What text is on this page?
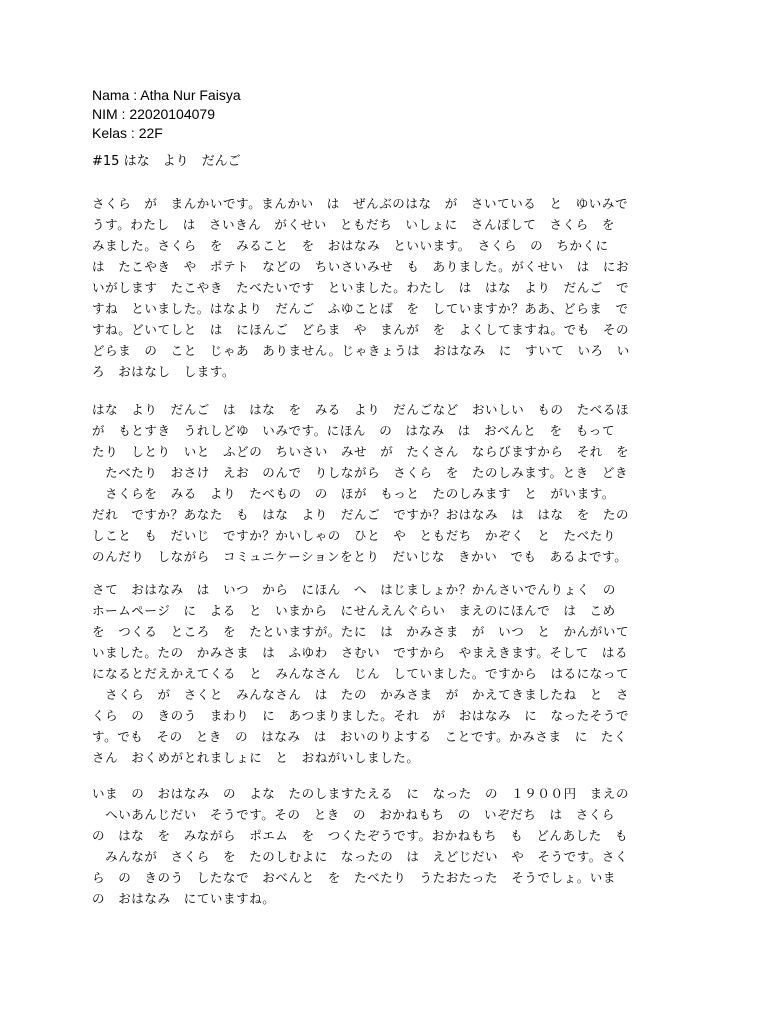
Nama : Atha Nur Faisya
NIM : 22020104079
Kelas : 22F
#15 はな　より　だんご
さくら　が　まんかいです。まんかい　は　ぜんぶのはな　が　さいている　と　ゆいみで
うす。わたし　は　さいきん　がくせい　ともだち　いしょに　さんぽして　さくら　を
みました。さくら　を　みること　を　おはなみ　といいます。　さくら　の　ちかくに
は　たこやき　や　ポテト　などの　ちいさいみせ　も　ありました。がくせい　は　にお
いがします　たこやき　たべたいです　といました。わたし　は　はな　より　だんご　で
すね　といました。はなより　だんご　ふゆことば　を　していますか？ああ、どらま　で
すね。どいてしと　は　にほんご　どらま　や　まんが　を　よくしてますね。でも　その
どらま　の　こと　じゃあ　ありません。じゃきょうは　おはなみ　に　すいて　いろ　い
ろ　おはなし　します。
はな　より　だんご　は　はな　を　みる　より　だんごなど　おいしい　もの　たべるほ
が　もとすき　うれしどゆ　いみです。にほん　の　はなみ　は　おべんと　を　もって
たり　しとり　いと　ふどの　ちいさい　みせ　が　たくさん　ならびますから　それ　を
　たべたり　おさけ　えお　のんで　りしながら　さくら　を　たのしみます。とき　どき
　さくらを　みる　より　たべもの　の　ほが　もっと　たのしみます　と　がいます。
だれ　ですか？あなた　も　はな　より　だんご　ですか？おはなみ　は　はな　を　たの
しこと　も　だいじ　ですか？かいしゃの　ひと　や　ともだち　かぞく　と　たべたり
のんだり　しながら　コミュニケーションをとり　だいじな　きかい　でも　あるよです。
さて　おはなみ　は　いつ　から　にほん　へ　はじましょか？かんさいでんりょく　の
ホームページ　に　よる　と　いまから　にせんえんぐらい　まえのにほんで　は　こめ
を　つくる　ところ　を　たといますが。たに　は　かみさま　が　いつ　と　かんがいて
いました。たの　かみさま　は　ふゆわ　さむい　ですから　やまえきます。そして　はる
になるとだえかえてくる　と　みんなさん　じん　していました。ですから　はるになって
　さくら　が　さくと　みんなさん　は　たの　かみさま　が　かえてきましたね　と　さ
くら　の　きのう　まわり　に　あつまりました。それ　が　おはなみ　に　なったそうで
す。でも　その　とき　の　はなみ　は　おいのりよする　ことです。かみさま　に　たく
さん　おくめがとれましょに　と　おねがいしました。
いま　の　おはなみ　の　よな　たのしますたえる　に　なった　の　１９００円　まえの
　へいあんじだい　そうです。その　とき　の　おかねもち　の　いぞだち　は　さくら
の　はな　を　みながら　ポエム　を　つくたぞうです。おかねもち　も　どんあした　も
　みんなが　さくら　を　たのしむよに　なったの　は　えどじだい　や　そうです。さく
ら　の　きのう　したなで　おべんと　を　たべたり　うたおたった　そうでしょ。いま
の　おはなみ　にていますね。
